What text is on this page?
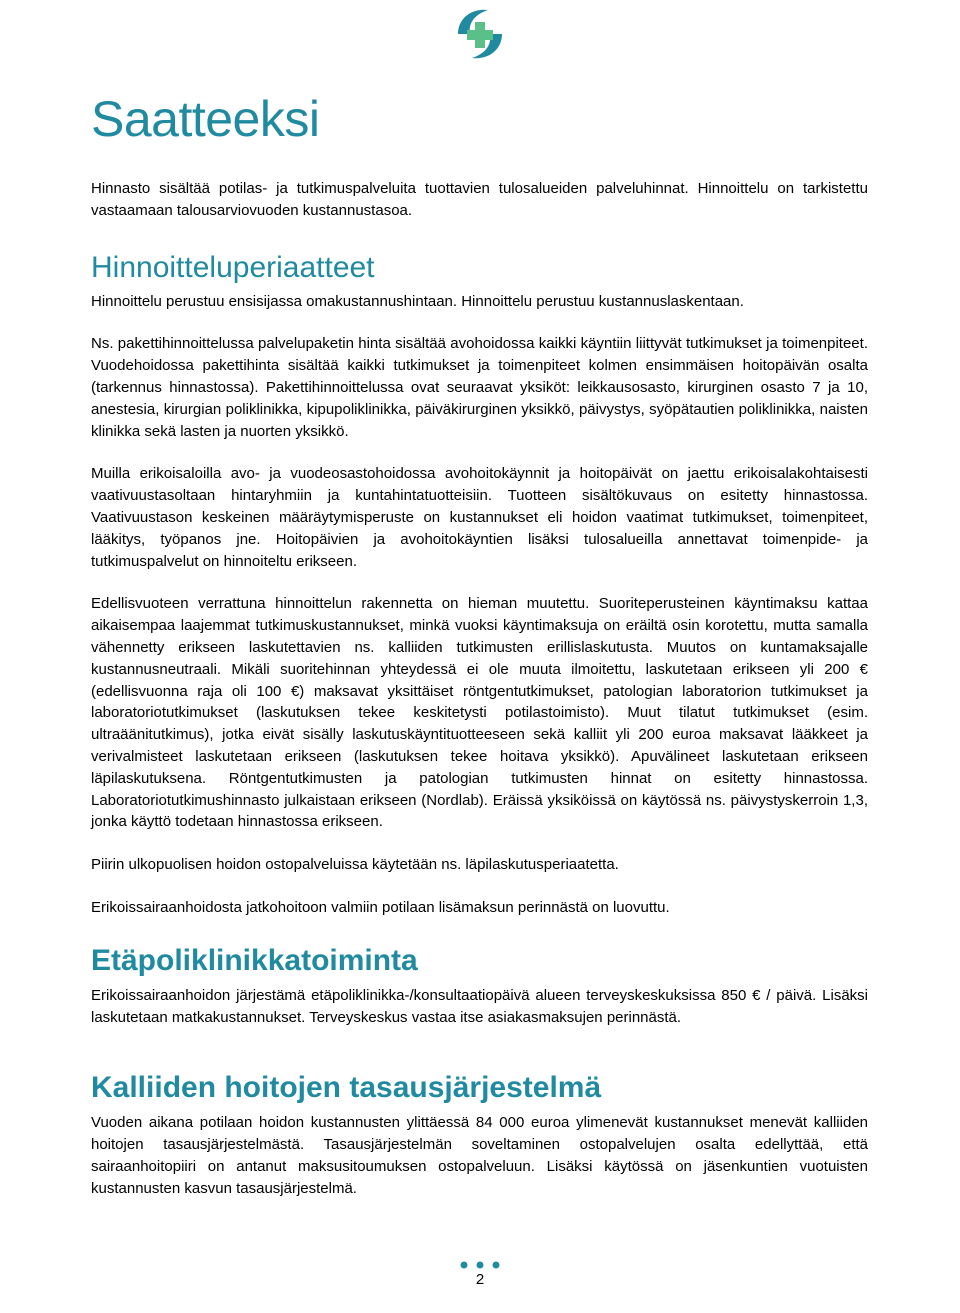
Saatteeksi

Hinnasto sisältää potilas- ja tutkimuspalveluita tuottavien tulosalueiden palveluhinnat. Hinnoittelu on tarkistettu vastaamaan talousarviovuoden kustannustasoa.

Hinnoitteluperiaatteet

Hinnoittelu perustuu ensisijassa omakustannushintaan. Hinnoittelu perustuu kustannuslaskentaan.

Ns. pakettihinnoittelussa palvelupaketin hinta sisältää avohoidossa kaikki käyntiin liittyvät tutkimukset ja toimenpiteet. Vuodehoidossa pakettihinta sisältää kaikki tutkimukset ja toimenpiteet kolmen ensimmäisen hoitopäivän osalta (tarkennus hinnastossa). Pakettihinnoittelussa ovat seuraavat yksiköt: leikkausosasto, kirurginen osasto 7 ja 10, anestesia, kirurgian poliklinikka, kipupoliklinikka, päiväkirurginen yksikkö, päivystys, syöpätautien poliklinikka, naisten klinikka sekä lasten ja nuorten yksikkö.

Muilla erikoisaloilla avo- ja vuodeosastohoidossa avohoitokäynnit ja hoitopäivät on jaettu erikoisalakohtaisesti vaativuustasoltaan hintaryhmiin ja kuntahintatuotteisiin. Tuotteen sisältökuvaus on esitetty hinnastossa. Vaativuustason keskeinen määräytymisperuste on kustannukset eli hoidon vaatimat tutkimukset, toimenpiteet, lääkitys, työpanos jne. Hoitopäivien ja avohoitokäyntien lisäksi tulosalueilla annettavat toimenpide- ja tutkimuspalvelut on hinnoiteltu erikseen.

Edellisvuoteen verrattuna hinnoittelun rakennetta on hieman muutettu. Suoriteperusteinen käyntimaksu kattaa aikaisempaa laajemmat tutkimuskustannukset, minkä vuoksi käyntimaksuja on eräiltä osin korotettu, mutta samalla vähennetty erikseen laskutettavien ns. kalliiden tutkimusten erillislaskutusta. Muutos on kuntamaksajalle kustannusneutraali. Mikäli suoritehinnan yhteydessä ei ole muuta ilmoitettu, laskutetaan erikseen yli 200 € (edellisvuonna raja oli 100 €) maksavat yksittäiset röntgentutkimukset, patologian laboratorion tutkimukset ja laboratoriotutkimukset (laskutuksen tekee keskitetysti potilastoimisto). Muut tilatut tutkimukset (esim. ultraäänitutkimus), jotka eivät sisälly laskutuskäyntituotteeseen sekä kalliit yli 200 euroa maksavat lääkkeet ja verivalmisteet laskutetaan erikseen (laskutuksen tekee hoitava yksikkö). Apuvälineet laskutetaan erikseen läpilaskutuksena. Röntgentutkimusten ja patologian tutkimusten hinnat on esitetty hinnastossa. Laboratoriotutkimushinnasto julkaistaan erikseen (Nordlab). Eräissä yksiköissä on käytössä ns. päivystyskerroin 1,3, jonka käyttö todetaan hinnastossa erikseen.

Piirin ulkopuolisen hoidon ostopalveluissa käytetään ns. läpilaskutusperiaatetta.

Erikoissairaanhoidosta jatkohoitoon valmiin potilaan lisämaksun perinnästä on luovuttu.

Etäpoliklinikkatoiminta

Erikoissairaanhoidon järjestämä etäpoliklinikka-/konsultaatiopäivä alueen terveyskeskuksissa 850 € / päivä. Lisäksi laskutetaan matkakustannukset. Terveyskeskus vastaa itse asiakasmaksujen perinnästä.

Kalliiden hoitojen tasausjärjestelmä

Vuoden aikana potilaan hoidon kustannusten ylittäessä 84 000 euroa ylimenevät kustannukset menevät kalliiden hoitojen tasausjärjestelmästä. Tasausjärjestelmän soveltaminen ostopalvelujen osalta edellyttää, että sairaanhoitopiiri on antanut maksusitoumuksen ostopalveluun. Lisäksi käytössä on jäsenkuntien vuotuisten kustannusten kasvun tasausjärjestelmä.

2
